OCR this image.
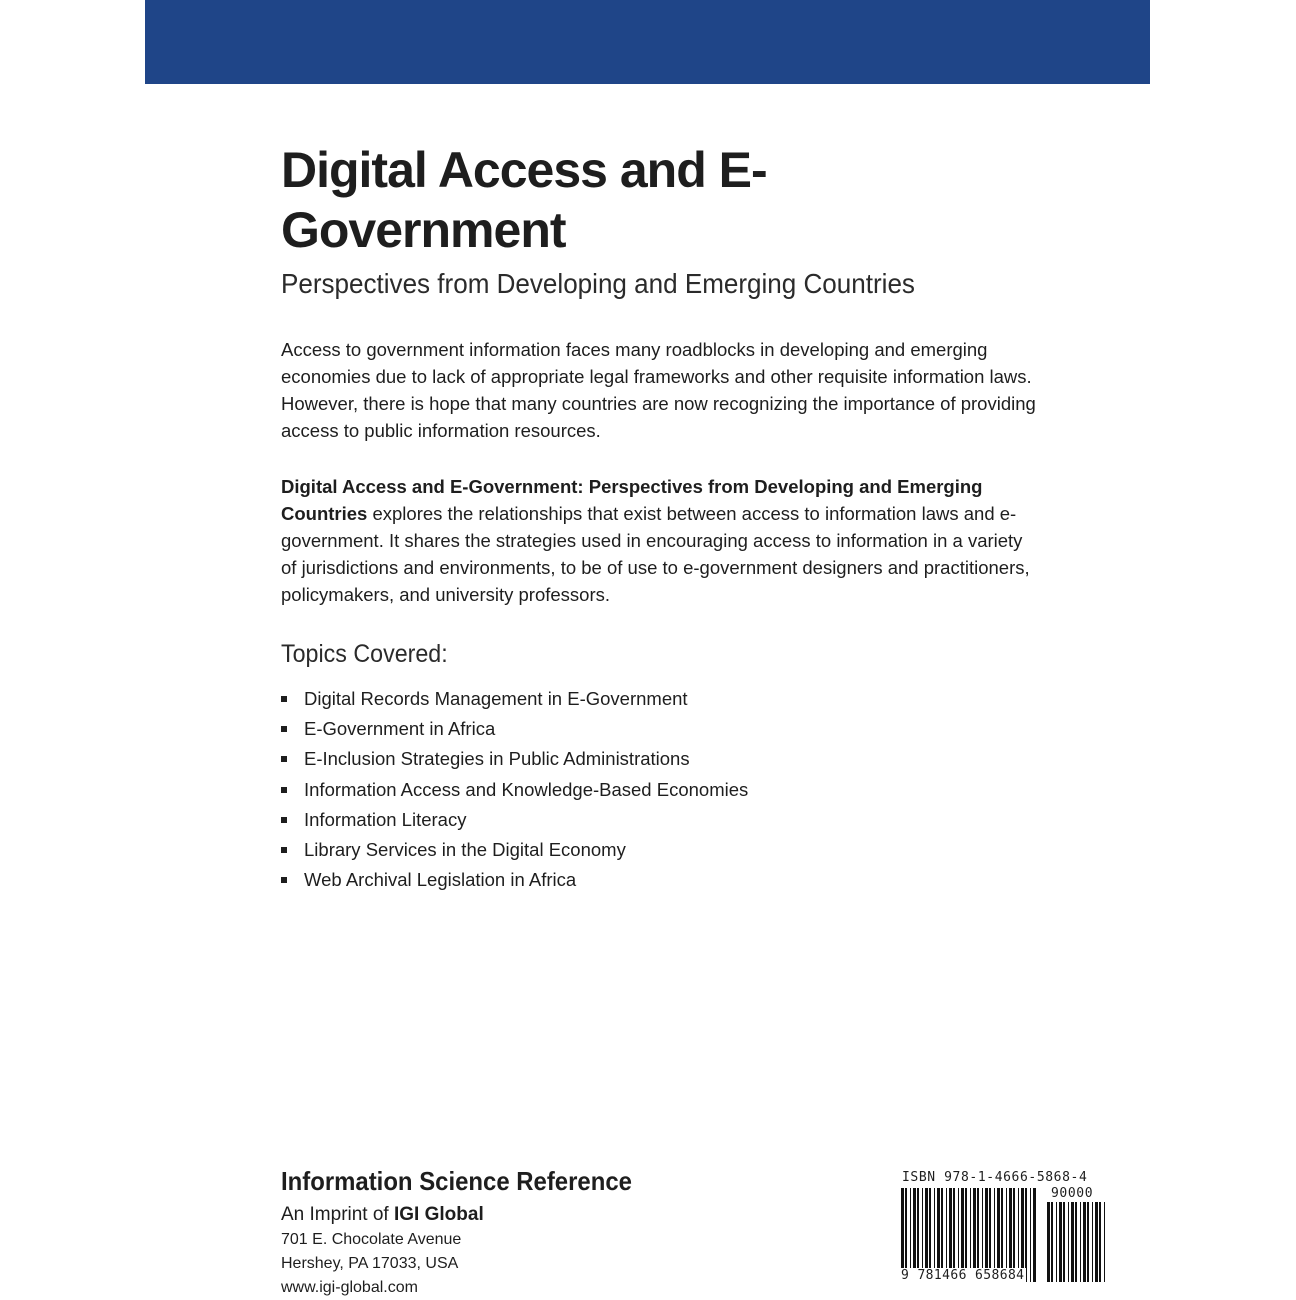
Digital Access and E-Government
Perspectives from Developing and Emerging Countries

Access to government information faces many roadblocks in developing and emerging economies due to lack of appropriate legal frameworks and other requisite information laws. However, there is hope that many countries are now recognizing the importance of providing access to public information resources.

Digital Access and E-Government: Perspectives from Developing and Emerging Countries explores the relationships that exist between access to information laws and e-government. It shares the strategies used in encouraging access to information in a variety of jurisdictions and environments, to be of use to e-government designers and practitioners, policymakers, and university professors.

Topics Covered:
Digital Records Management in E-Government
E-Government in Africa
E-Inclusion Strategies in Public Administrations
Information Access and Knowledge-Based Economies
Information Literacy
Library Services in the Digital Economy
Web Archival Legislation in Africa

Information Science Reference

An Imprint of IGI Global

701 E. Chocolate Avenue

Hershey, PA 17033, USA

www.igi-global.com

ISBN 978-1-4666-5868-4
90000
9 781466 658684
